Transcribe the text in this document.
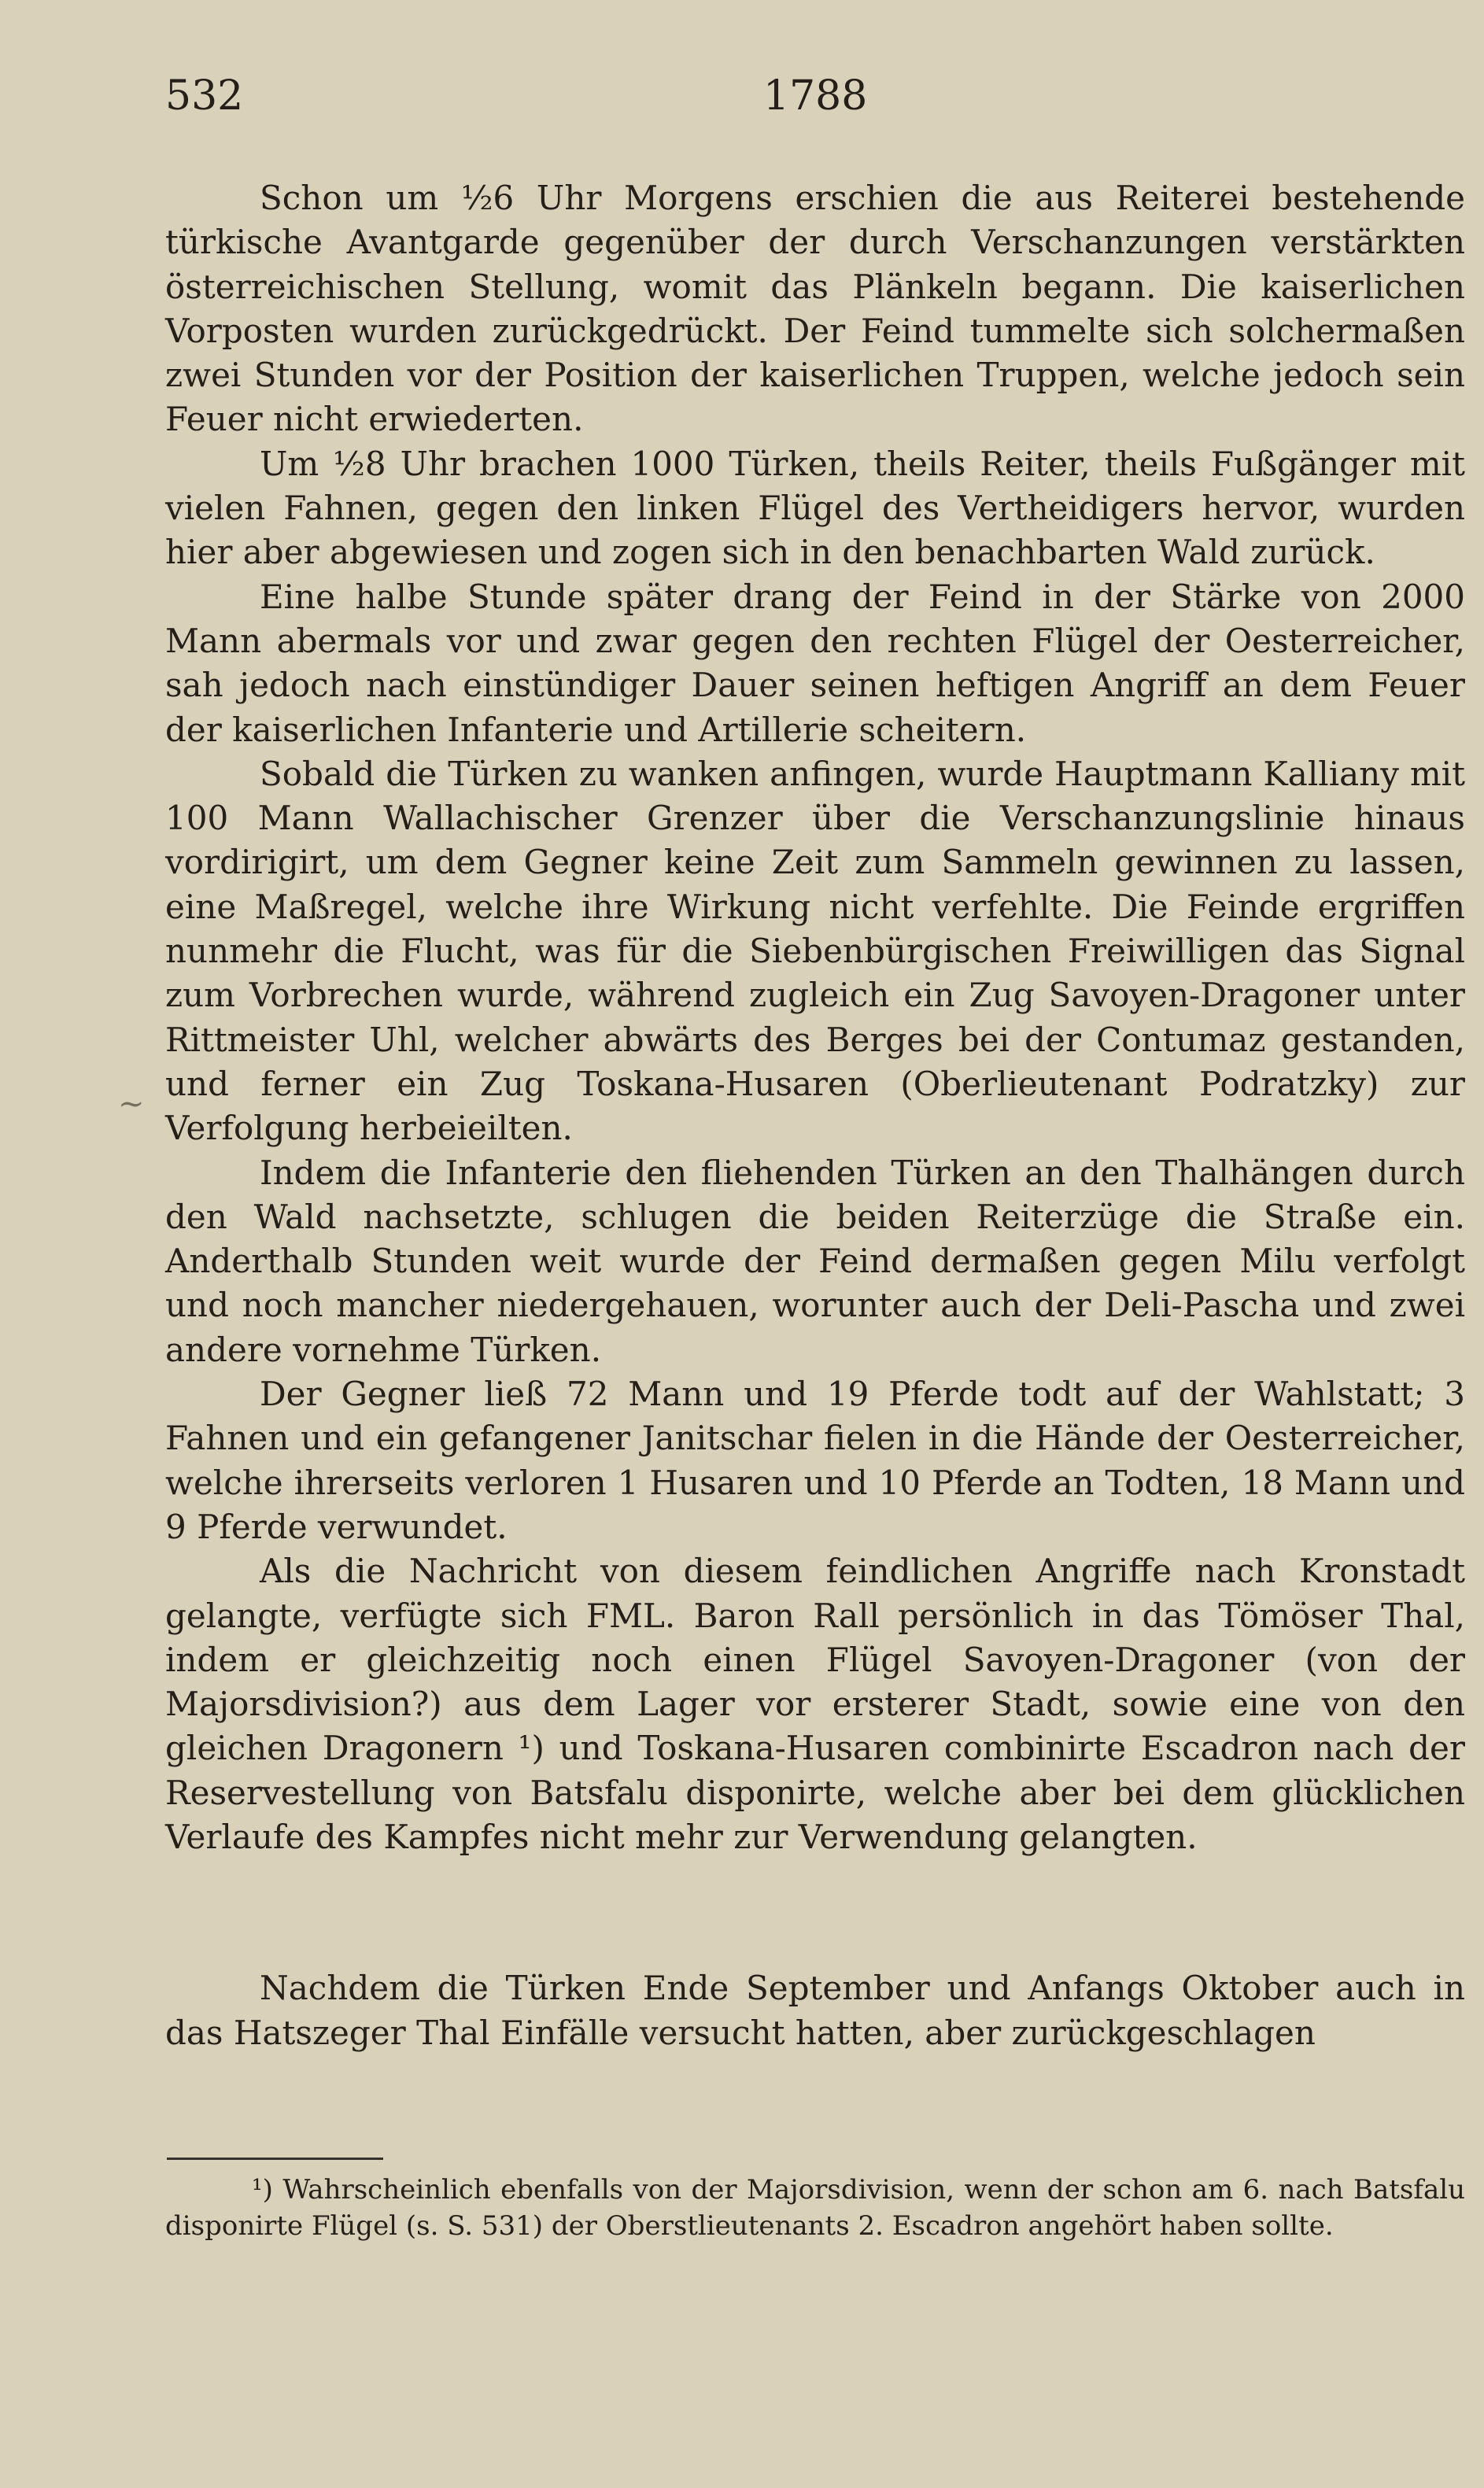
532	1788
~

Schon um ½6 Uhr Morgens erschien die aus Reiterei bestehende türkische Avantgarde gegenüber der durch Verschanzungen verstärkten österreichischen Stellung, womit das Plänkeln begann. Die kaiserlichen Vorposten wurden zurückgedrückt. Der Feind tummelte sich solchermaßen zwei Stunden vor der Position der kaiserlichen Truppen, welche jedoch sein Feuer nicht erwiederten.

Um ½8 Uhr brachen 1000 Türken, theils Reiter, theils Fußgänger mit vielen Fahnen, gegen den linken Flügel des Vertheidigers hervor, wurden hier aber abgewiesen und zogen sich in den benachbarten Wald zurück.

Eine halbe Stunde später drang der Feind in der Stärke von 2000 Mann abermals vor und zwar gegen den rechten Flügel der Oesterreicher, sah jedoch nach einstündiger Dauer seinen heftigen Angriff an dem Feuer der kaiserlichen Infanterie und Artillerie scheitern.

Sobald die Türken zu wanken anfingen, wurde Hauptmann Kalliany mit 100 Mann Wallachischer Grenzer über die Verschanzungslinie hinaus vordirigirt, um dem Gegner keine Zeit zum Sammeln gewinnen zu lassen, eine Maßregel, welche ihre Wirkung nicht verfehlte. Die Feinde ergriffen nunmehr die Flucht, was für die Siebenbürgischen Freiwilligen das Signal zum Vorbrechen wurde, während zugleich ein Zug Savoyen-Dragoner unter Rittmeister Uhl, welcher abwärts des Berges bei der Contumaz gestanden, und ferner ein Zug Toskana-Husaren (Oberlieutenant Podratzky) zur Verfolgung herbeieilten.

Indem die Infanterie den fliehenden Türken an den Thalhängen durch den Wald nachsetzte, schlugen die beiden Reiterzüge die Straße ein. Anderthalb Stunden weit wurde der Feind dermaßen gegen Milu verfolgt und noch mancher niedergehauen, worunter auch der Deli-Pascha und zwei andere vornehme Türken.

Der Gegner ließ 72 Mann und 19 Pferde todt auf der Wahlstatt; 3 Fahnen und ein gefangener Janitschar fielen in die Hände der Oesterreicher, welche ihrerseits verloren 1 Husaren und 10 Pferde an Todten, 18 Mann und 9 Pferde verwundet.

Als die Nachricht von diesem feindlichen Angriffe nach Kronstadt gelangte, verfügte sich FML. Baron Rall persönlich in das Tömöser Thal, indem er gleichzeitig noch einen Flügel Savoyen-Dragoner (von der Majorsdivision?) aus dem Lager vor ersterer Stadt, sowie eine von den gleichen Dragonern ¹) und Toskana-Husaren combinirte Escadron nach der Reservestellung von Batsfalu disponirte, welche aber bei dem glücklichen Verlaufe des Kampfes nicht mehr zur Verwendung gelangten.

Nachdem die Türken Ende September und Anfangs Oktober auch in das Hatszeger Thal Einfälle versucht hatten, aber zurückgeschlagen

¹) Wahrscheinlich ebenfalls von der Majorsdivision, wenn der schon am 6. nach Batsfalu disponirte Flügel (s. S. 531) der Oberstlieutenants 2. Escadron angehört haben sollte.
